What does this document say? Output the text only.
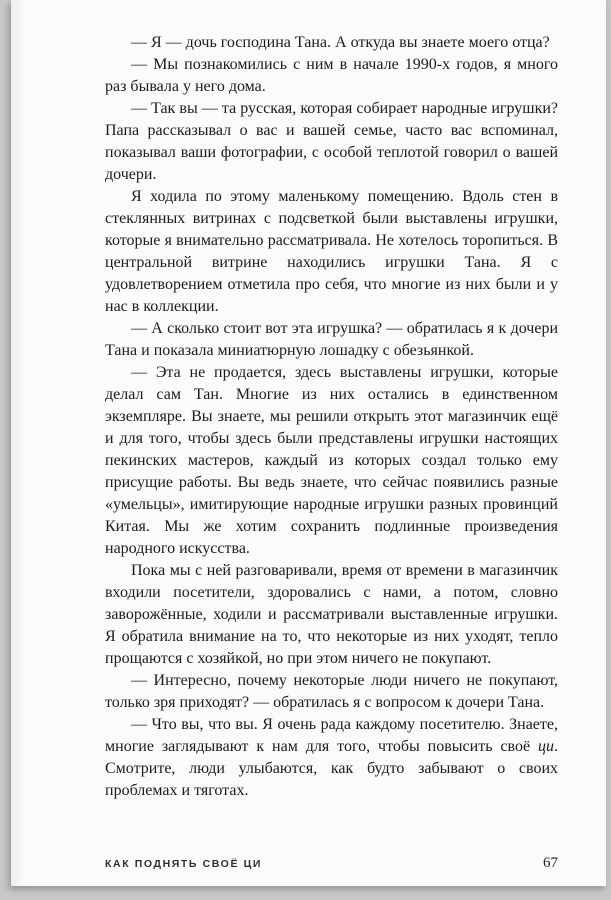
— Я — дочь господина Тана. А откуда вы знаете моего отца?

— Мы познакомились с ним в начале 1990-х годов, я много раз бывала у него дома.

— Так вы — та русская, которая собирает народные игрушки? Папа рассказывал о вас и вашей семье, часто вас вспоминал, показывал ваши фотографии, с особой теплотой говорил о вашей дочери.

Я ходила по этому маленькому помещению. Вдоль стен в стеклянных витринах с подсветкой были выставлены игрушки, которые я внимательно рассматривала. Не хотелось торопиться. В центральной витрине находились игрушки Тана. Я с удовлетворением отметила про себя, что многие из них были и у нас в коллекции.

— А сколько стоит вот эта игрушка? — обратилась я к дочери Тана и показала миниатюрную лошадку с обезьянкой.

— Эта не продается, здесь выставлены игрушки, которые делал сам Тан. Многие из них остались в единственном экземпляре. Вы знаете, мы решили открыть этот магазинчик ещё и для того, чтобы здесь были представлены игрушки настоящих пекинских мастеров, каждый из которых создал только ему присущие работы. Вы ведь знаете, что сейчас появились разные «умельцы», имитирующие народные игрушки разных провинций Китая. Мы же хотим сохранить подлинные произведения народного искусства.

Пока мы с ней разговаривали, время от времени в магазинчик входили посетители, здоровались с нами, а потом, словно заворожённые, ходили и рассматривали выставленные игрушки. Я обратила внимание на то, что некоторые из них уходят, тепло прощаются с хозяйкой, но при этом ничего не покупают.

— Интересно, почему некоторые люди ничего не покупают, только зря приходят? — обратилась я с вопросом к дочери Тана.

— Что вы, что вы. Я очень рада каждому посетителю. Знаете, многие заглядывают к нам для того, чтобы повысить своё ци. Смотрите, люди улыбаются, как будто забывают о своих проблемах и тяготах.

КАК ПОДНЯТЬ СВОЁ ЦИ	67
